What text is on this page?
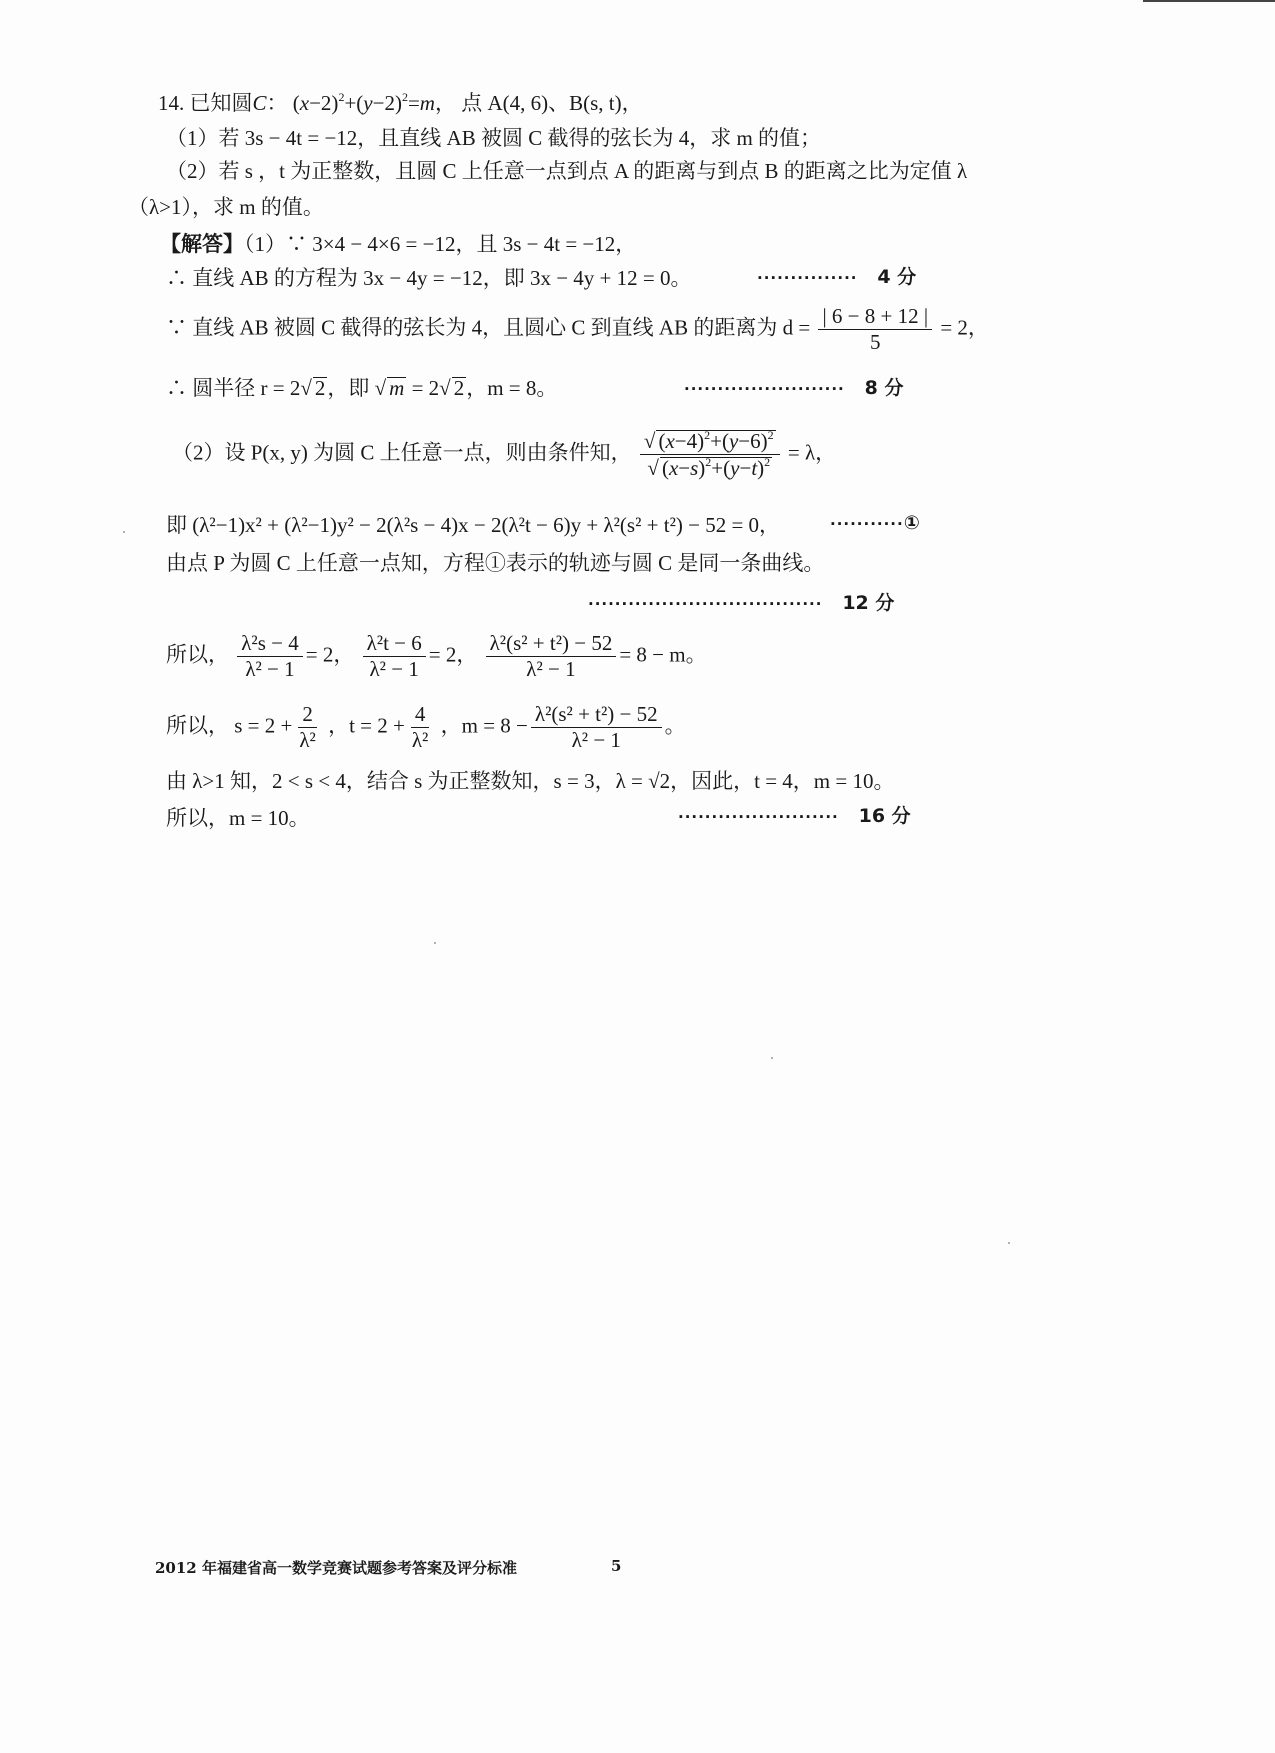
14. 已知圆C： $(x-2)^2+(y-2)^2=m$， 点 A(4, 6)、B(s, t)，
（1）若 3s − 4t = −12，且直线 AB 被圆 C 截得的弦长为 4，求 m 的值；
（2）若 s ，t 为正整数，且圆 C 上任意一点到点 A 的距离与到点 B 的距离之比为定值 λ
（λ>1），求 m 的值。
【解答】（1）∵ 3×4 − 4×6 = −12，且 3s − 4t = −12，
∴ 直线 AB 的方程为 3x − 4y = −12，即 3x − 4y + 12 = 0。	··············· 4 分
∵ 直线 AB 被圆 C 截得的弦长为 4，且圆心 C 到直线 AB 的距离为 $d = \frac{| 6 - 8 + 12 |}{5} = 2$，
∴ 圆半径 r = 2√ 2，即 √ m = 2√ 2，m = 8。	························ 8 分
（2）设 P(x, y) 为圆 C 上任意一点，则由条件知， $\frac{√ (x-4)^2+(y-6)^2}{√ (x-s)^2+(y-t)^2} = \lambda$，
即 (λ²−1)x² + (λ²−1)y² − 2(λ²s − 4)x − 2(λ²t − 6)y + λ²(s² + t²) − 52 = 0，	···········①
由点 P 为圆 C 上任意一点知，方程①表示的轨迹与圆 C 是同一条曲线。
··································· 12 分
所以， $\frac{\text{λ²s − 4}}{\text{λ² − 1}} = 2$， $\frac{\text{λ²t − 6}}{\text{λ² − 1}} = 2$， $\frac{\text{λ²(s² + t²) − 52}}{\text{λ² − 1}} = 8 - m$。
所以， $s = 2 + \frac{2}{\text{λ²}}$ ，$t = 2 + \frac{4}{\text{λ²}}$ ，$m = 8 - \frac{\text{λ²(s² + t²) − 52}}{\text{λ² − 1}}$ 。
由 λ>1 知，2 < s < 4，结合 s 为正整数知，s = 3，λ = √2，因此，t = 4，m = 10。
所以，m = 10。	························ 16 分
2012 年福建省高一数学竞赛试题参考答案及评分标准	5
